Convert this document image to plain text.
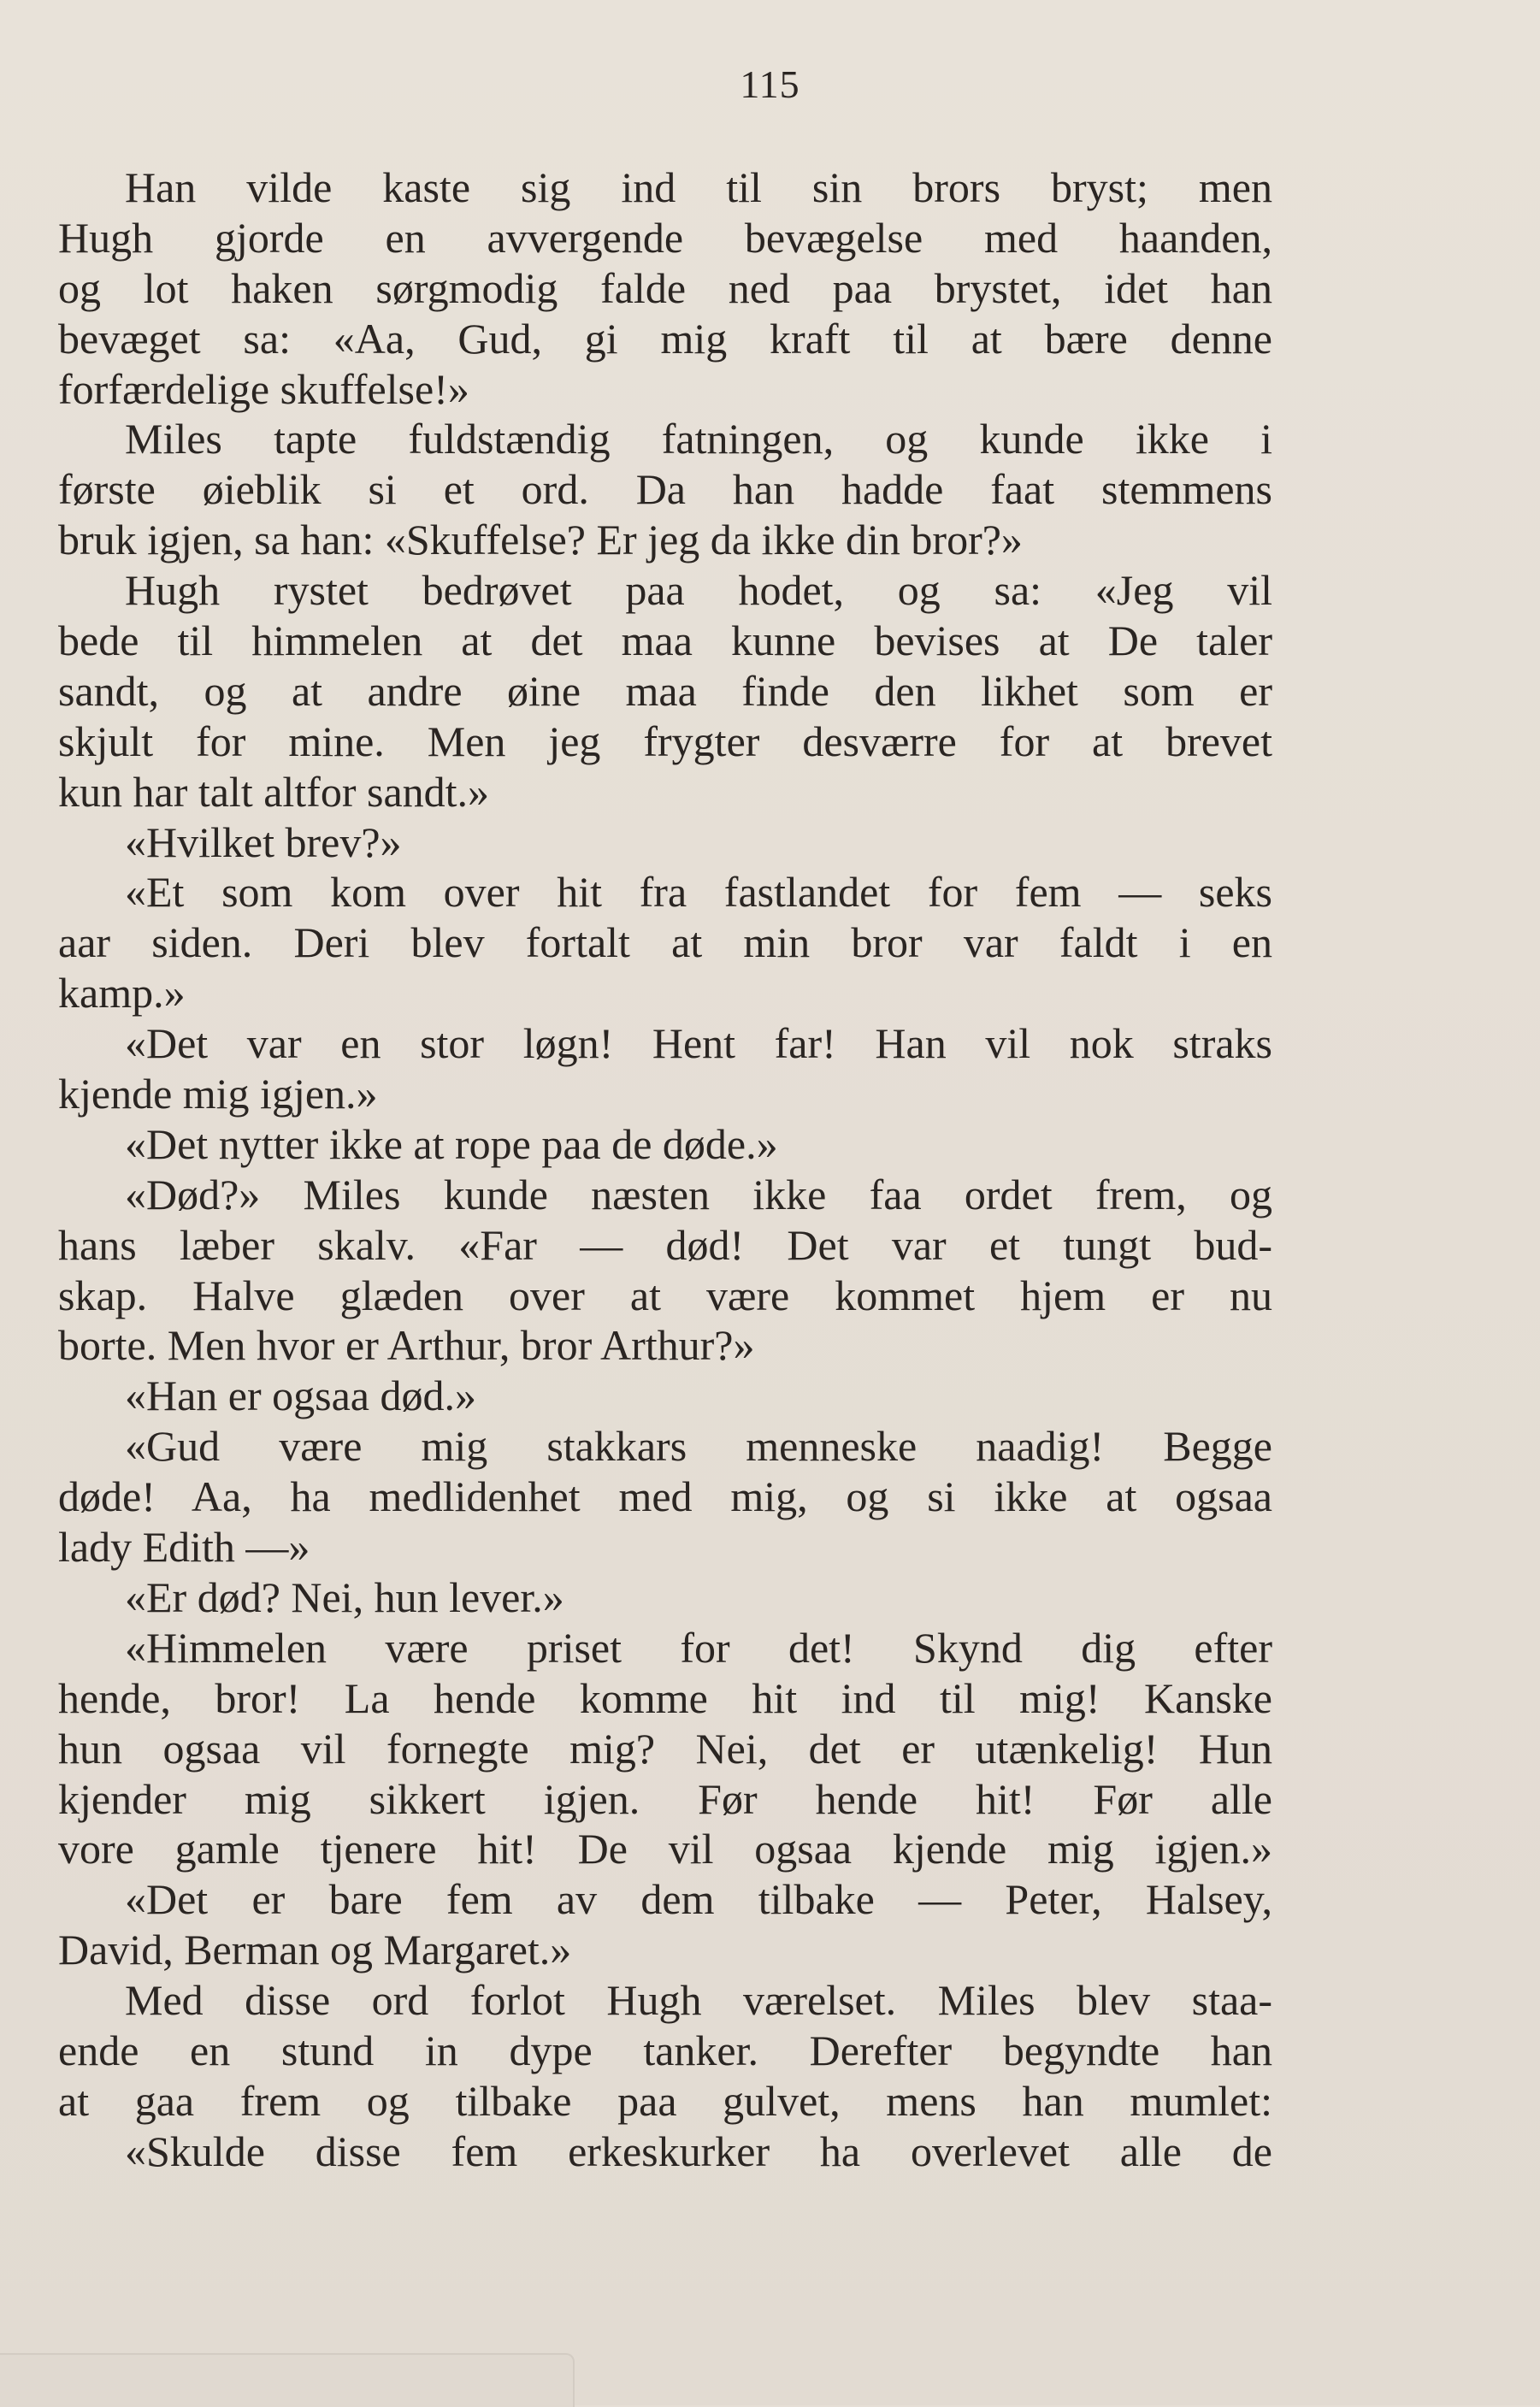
115
Han vilde kaste sig ind til sin brors bryst; men
Hugh gjorde en avvergende bevægelse med haanden,
og lot haken sørgmodig falde ned paa brystet, idet han
bevæget sa: «Aa, Gud, gi mig kraft til at bære denne
forfærdelige skuffelse!»
Miles tapte fuldstændig fatningen, og kunde ikke i
første øieblik si et ord. Da han hadde faat stemmens
bruk igjen, sa han: «Skuffelse? Er jeg da ikke din bror?»
Hugh rystet bedrøvet paa hodet, og sa: «Jeg vil
bede til himmelen at det maa kunne bevises at De taler
sandt, og at andre øine maa finde den likhet som er
skjult for mine. Men jeg frygter desværre for at brevet
kun har talt altfor sandt.»
«Hvilket brev?»
«Et som kom over hit fra fastlandet for fem — seks
aar siden. Deri blev fortalt at min bror var faldt i en
kamp.»
«Det var en stor løgn! Hent far! Han vil nok straks
kjende mig igjen.»
«Det nytter ikke at rope paa de døde.»
«Død?» Miles kunde næsten ikke faa ordet frem, og
hans læber skalv. «Far — død! Det var et tungt bud-
skap. Halve glæden over at være kommet hjem er nu
borte. Men hvor er Arthur, bror Arthur?»
«Han er ogsaa død.»
«Gud være mig stakkars menneske naadig! Begge
døde! Aa, ha medlidenhet med mig, og si ikke at ogsaa
lady Edith —»
«Er død? Nei, hun lever.»
«Himmelen være priset for det! Skynd dig efter
hende, bror! La hende komme hit ind til mig! Kanske
hun ogsaa vil fornegte mig? Nei, det er utænkelig! Hun
kjender mig sikkert igjen. Før hende hit! Før alle
vore gamle tjenere hit! De vil ogsaa kjende mig igjen.»
«Det er bare fem av dem tilbake — Peter, Halsey,
David, Berman og Margaret.»
Med disse ord forlot Hugh værelset. Miles blev staa-
ende en stund in dype tanker. Derefter begyndte han
at gaa frem og tilbake paa gulvet, mens han mumlet:
«Skulde disse fem erkeskurker ha overlevet alle de
